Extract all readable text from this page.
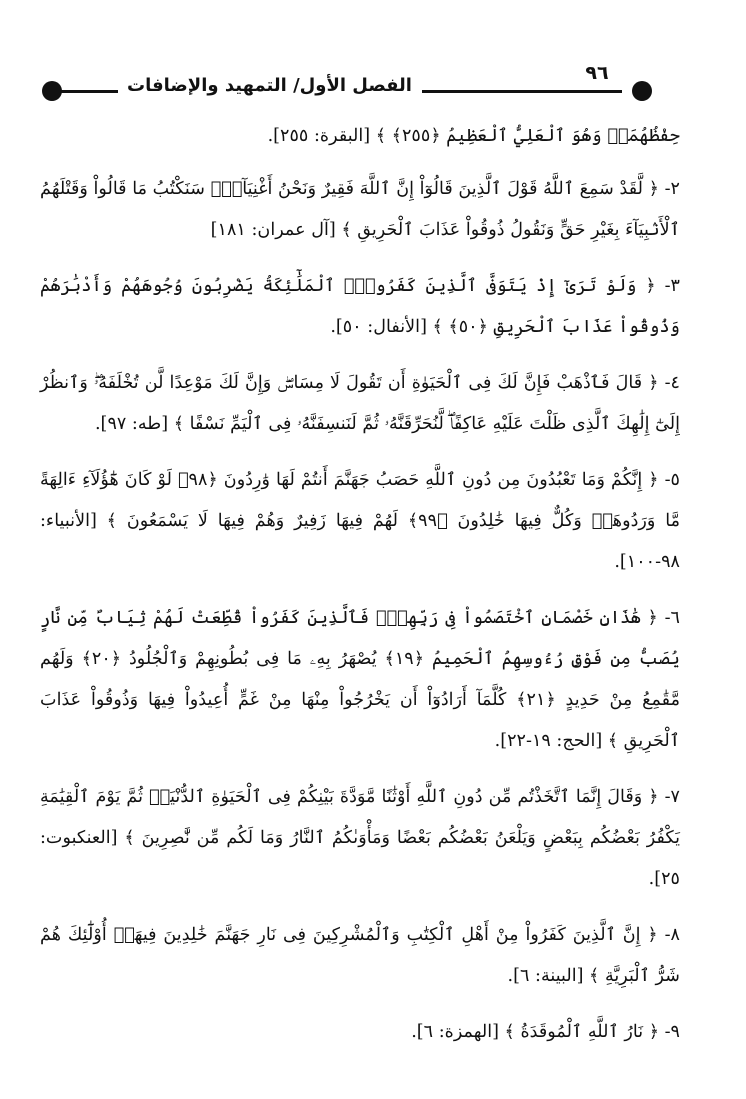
الفصل الأول/ التمهيد والإضافات
٩٦

حِفْظُهُمَاۚ وَهُوَ ٱلْعَلِيُّ ٱلْعَظِيمُ ﴿٢٥٥﴾ ﴾ [البقرة: ٢٥٥].

٢- ﴿ لَّقَدْ سَمِعَ ٱللَّهُ قَوْلَ ٱلَّذِينَ قَالُوٓاْ إِنَّ ٱللَّهَ فَقِيرٌ وَنَحْنُ أَغْنِيَآءُۘ سَنَكْتُبُ مَا قَالُواْ وَقَتْلَهُمُ ٱلْأَنۢبِيَآءَ بِغَيْرِ حَقٍّ وَنَقُولُ ذُوقُواْ عَذَابَ ٱلْحَرِيقِ ﴾ [آل عمران: ١٨١]

٣- ﴿ وَلَوْ تَرَىٰٓ إِذْ يَتَوَفَّى ٱلَّذِينَ كَفَرُواْۙ ٱلْمَلَٰٓئِكَةُ يَضْرِبُونَ وُجُوهَهُمْ وَأَدْبَٰرَهُمْ وَذُوقُواْ عَذَابَ ٱلْحَرِيقِ ﴿٥٠﴾ ﴾ [الأنفال: ٥٠].

٤- ﴿ قَالَ فَٱذْهَبْ فَإِنَّ لَكَ فِى ٱلْحَيَوٰةِ أَن تَقُولَ لَا مِسَاسَۖ وَإِنَّ لَكَ مَوْعِدًا لَّن تُخْلَفَهُۥۖ وَٱنظُرْ إِلَىٰٓ إِلَٰهِكَ ٱلَّذِى ظَلْتَ عَلَيْهِ عَاكِفًاۖ لَّنُحَرِّقَنَّهُۥ ثُمَّ لَنَنسِفَنَّهُۥ فِى ٱلْيَمِّ نَسْفًا ﴾ [طه: ٩٧].

٥- ﴿ إِنَّكُمْ وَمَا تَعْبُدُونَ مِن دُونِ ٱللَّهِ حَصَبُ جَهَنَّمَ أَنتُمْ لَهَا وَٰرِدُونَ ﴿٩٨﴾ لَوْ كَانَ هَٰٓؤُلَآءِ ءَالِهَةً مَّا وَرَدُوهَاۖ وَكُلٌّ فِيهَا خَٰلِدُونَ ﴿٩٩﴾ لَهُمْ فِيهَا زَفِيرٌ وَهُمْ فِيهَا لَا يَسْمَعُونَ ﴾ [الأنبياء: ٩٨-١٠٠].

٦- ﴿ هَٰذَانِ خَصْمَانِ ٱخْتَصَمُواْ فِى رَبِّهِمْۖ فَٱلَّذِينَ كَفَرُواْ قُطِّعَتْ لَهُمْ ثِيَابٌ مِّن نَّارٍ يُصَبُّ مِن فَوْقِ رُءُوسِهِمُ ٱلْحَمِيمُ ﴿١٩﴾ يُصْهَرُ بِهِۦ مَا فِى بُطُونِهِمْ وَٱلْجُلُودُ ﴿٢٠﴾ وَلَهُم مَّقَٰمِعُ مِنْ حَدِيدٍ ﴿٢١﴾ كُلَّمَآ أَرَادُوٓاْ أَن يَخْرُجُواْ مِنْهَا مِنْ غَمٍّ أُعِيدُواْ فِيهَا وَذُوقُواْ عَذَابَ ٱلْحَرِيقِ ﴾ [الحج: ١٩-٢٢].

٧- ﴿ وَقَالَ إِنَّمَا ٱتَّخَذْتُم مِّن دُونِ ٱللَّهِ أَوْثَٰنًا مَّوَدَّةَ بَيْنِكُمْ فِى ٱلْحَيَوٰةِ ٱلدُّنْيَاۖ ثُمَّ يَوْمَ ٱلْقِيَٰمَةِ يَكْفُرُ بَعْضُكُم بِبَعْضٍ وَيَلْعَنُ بَعْضُكُم بَعْضًا وَمَأْوَىٰكُمُ ٱلنَّارُ وَمَا لَكُم مِّن نَّٰصِرِينَ ﴾ [العنكبوت: ٢٥].

٨- ﴿ إِنَّ ٱلَّذِينَ كَفَرُواْ مِنْ أَهْلِ ٱلْكِتَٰبِ وَٱلْمُشْرِكِينَ فِى نَارِ جَهَنَّمَ خَٰلِدِينَ فِيهَآۚ أُوْلَٰٓئِكَ هُمْ شَرُّ ٱلْبَرِيَّةِ ﴾ [البينة: ٦].

٩- ﴿ نَارُ ٱللَّهِ ٱلْمُوقَدَةُ ﴾ [الهمزة: ٦].
